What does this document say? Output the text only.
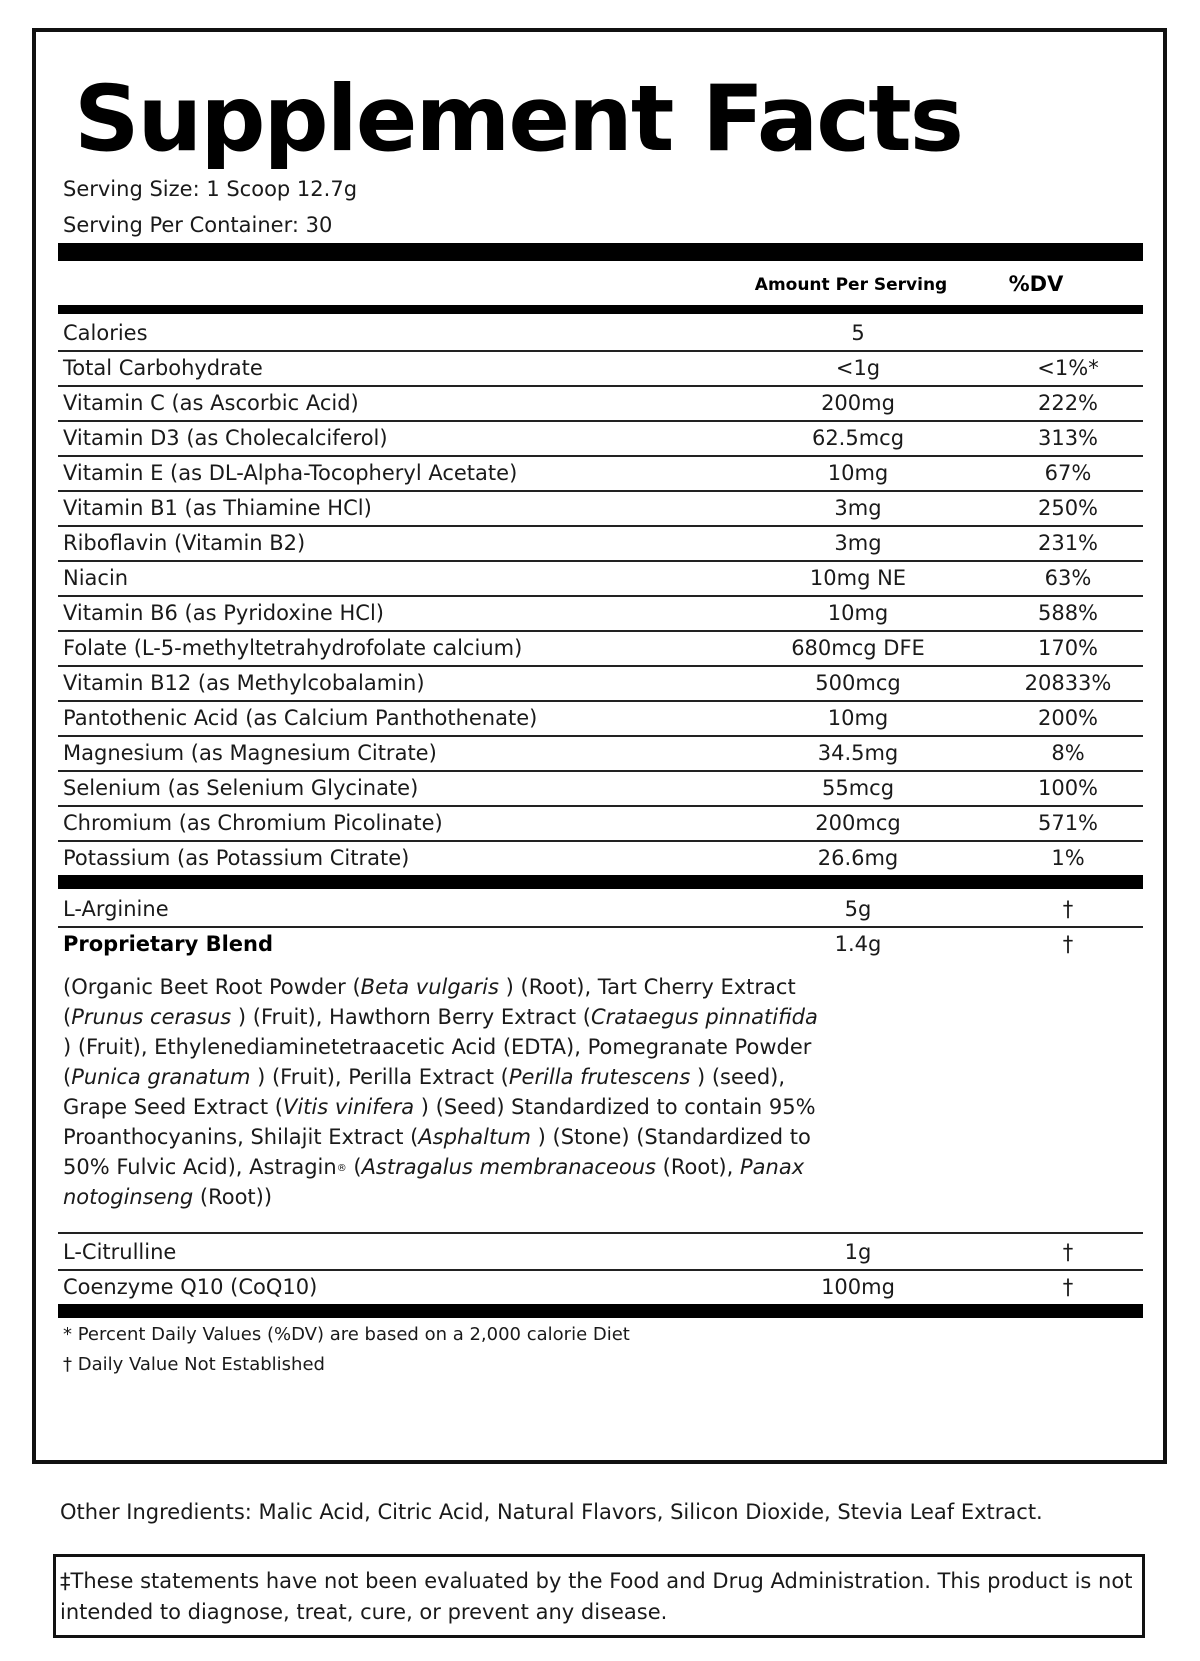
Supplement Facts
Serving Size: 1 Scoop 12.7g
Serving Per Container: 30
Amount Per Serving	%DV
Calories	5
Total Carbohydrate	<1g	<1%*
Vitamin C (as Ascorbic Acid)	200mg	222%
Vitamin D3 (as Cholecalciferol)	62.5mcg	313%
Vitamin E (as DL-Alpha-Tocopheryl Acetate)	10mg	67%
Vitamin B1 (as Thiamine HCl)	3mg	250%
Riboflavin (Vitamin B2)	3mg	231%
Niacin	10mg NE	63%
Vitamin B6 (as Pyridoxine HCl)	10mg	588%
Folate (L-5-methyltetrahydrofolate calcium)	680mcg DFE	170%
Vitamin B12 (as Methylcobalamin)	500mcg	20833%
Pantothenic Acid (as Calcium Panthothenate)	10mg	200%
Magnesium (as Magnesium Citrate)	34.5mg	8%
Selenium (as Selenium Glycinate)	55mcg	100%
Chromium (as Chromium Picolinate)	200mcg	571%
Potassium (as Potassium Citrate)	26.6mg	1%
L-Arginine	5g	†
Proprietary Blend	1.4g	†
(Organic Beet Root Powder (Beta vulgaris ) (Root), Tart Cherry Extract (Prunus cerasus ) (Fruit), Hawthorn Berry Extract (Crataegus pinnatifida ) (Fruit), Ethylenediaminetetraacetic Acid (EDTA), Pomegranate Powder (Punica granatum ) (Fruit), Perilla Extract (Perilla frutescens ) (seed), Grape Seed Extract (Vitis vinifera ) (Seed) Standardized to contain 95% Proanthocyanins, Shilajit Extract (Asphaltum ) (Stone) (Standardized to 50% Fulvic Acid), Astragin® (Astragalus membranaceous (Root), Panax notoginseng (Root))
L-Citrulline	1g	†
Coenzyme Q10 (CoQ10)	100mg	†
* Percent Daily Values (%DV) are based on a 2,000 calorie Diet
† Daily Value Not Established
Other Ingredients: Malic Acid, Citric Acid, Natural Flavors, Silicon Dioxide, Stevia Leaf Extract.
‡These statements have not been evaluated by the Food and Drug Administration. This product is not intended to diagnose, treat, cure, or prevent any disease.
